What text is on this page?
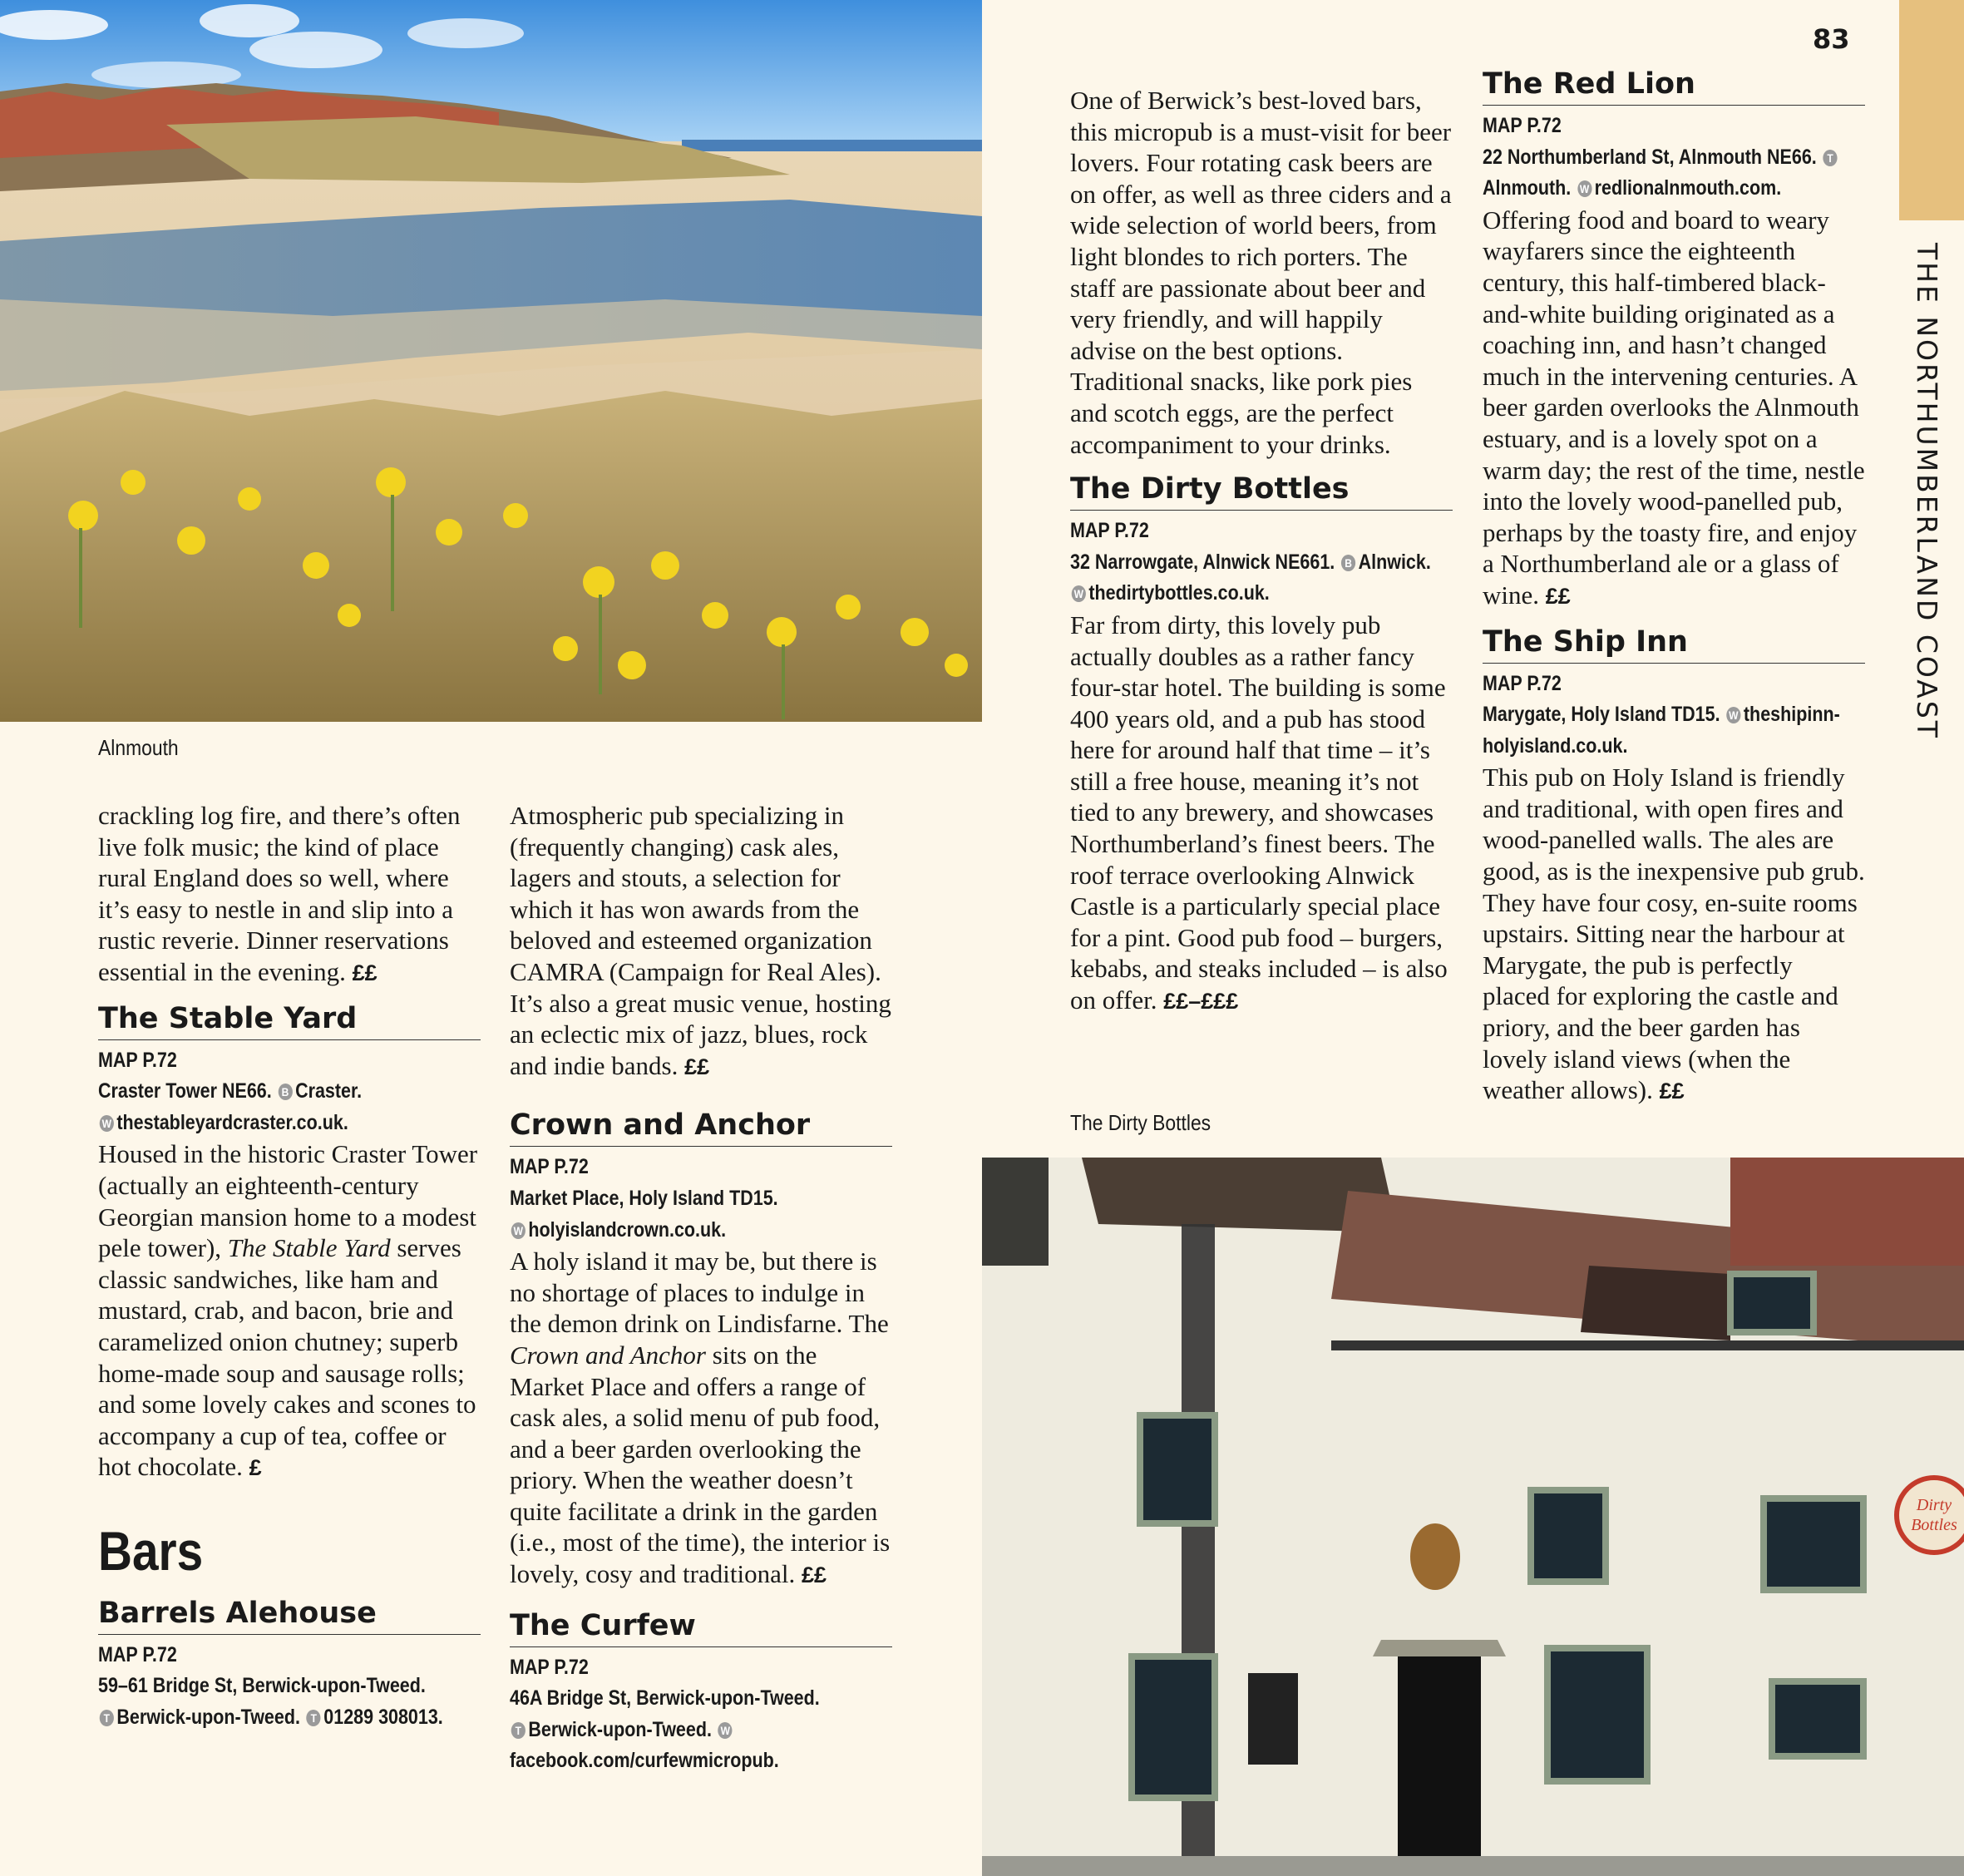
Alnmouth
The Dirty Bottles
Dirty
Bottles
83
THE NORTHUMBERLAND COAST

crackling log fire, and there’s often live folk music; the kind of place rural England does so well, where it’s easy to nestle in and slip into a rustic reverie. Dinner reservations essential in the evening. ££

The Stable Yard
MAP P.72
Craster Tower NE66. B Craster.
W thestableyardcraster.co.uk.

Housed in the historic Craster Tower (actually an eighteenth-century Georgian mansion home to a modest pele tower), The Stable Yard serves classic sandwiches, like ham and mustard, crab, and bacon, brie and caramelized onion chutney; superb home-made soup and sausage rolls; and some lovely cakes and scones to accompany a cup of tea, coffee or hot chocolate. £

Bars
Barrels Alehouse
MAP P.72
59–61 Bridge St, Berwick-upon-Tweed.
T Berwick-upon-Tweed. T 01289 308013.

Atmospheric pub specializing in (frequently changing) cask ales, lagers and stouts, a selection for which it has won awards from the beloved and esteemed organization CAMRA (Campaign for Real Ales). It’s also a great music venue, hosting an eclectic mix of jazz, blues, rock and indie bands. ££

Crown and Anchor
MAP P.72
Market Place, Holy Island TD15.
W holyislandcrown.co.uk.

A holy island it may be, but there is no shortage of places to indulge in the demon drink on Lindisfarne. The Crown and Anchor sits on the Market Place and offers a range of cask ales, a solid menu of pub food, and a beer garden overlooking the priory. When the weather doesn’t quite facilitate a drink in the garden (i.e., most of the time), the interior is lovely, cosy and traditional. ££

The Curfew
MAP P.72
46A Bridge St, Berwick-upon-Tweed.
T Berwick-upon-Tweed. Wfacebook.com/curfewmicropub.

One of Berwick’s best-loved bars, this micropub is a must-visit for beer lovers. Four rotating cask beers are on offer, as well as three ciders and a wide selection of world beers, from light blondes to rich porters. The staff are passionate about beer and very friendly, and will happily advise on the best options. Traditional snacks, like pork pies and scotch eggs, are the perfect accompaniment to your drinks.

The Dirty Bottles
MAP P.72
32 Narrowgate, Alnwick NE661. B Alnwick.
W thedirtybottles.co.uk.

Far from dirty, this lovely pub actually doubles as a rather fancy four-star hotel. The building is some 400 years old, and a pub has stood here for around half that time – it’s still a free house, meaning it’s not tied to any brewery, and showcases Northumberland’s finest beers. The roof terrace overlooking Alnwick Castle is a particularly special place for a pint. Good pub food – burgers, kebabs, and steaks included – is also on offer. ££–£££

The Red Lion
MAP P.72
22 Northumberland St, Alnmouth NE66. T
Alnmouth. W redlionalnmouth.com.

Offering food and board to weary wayfarers since the eighteenth century, this half-timbered black-and-white building originated as a coaching inn, and hasn’t changed much in the intervening centuries. A beer garden overlooks the Alnmouth estuary, and is a lovely spot on a warm day; the rest of the time, nestle into the lovely wood-panelled pub, perhaps by the toasty fire, and enjoy a Northumberland ale or a glass of wine. ££

The Ship Inn
MAP P.72
Marygate, Holy Island TD15. W theshipinn-holyisland.co.uk.

This pub on Holy Island is friendly and traditional, with open fires and wood-panelled walls. The ales are good, as is the inexpensive pub grub. They have four cosy, en-suite rooms upstairs. Sitting near the harbour at Marygate, the pub is perfectly placed for exploring the castle and priory, and the beer garden has lovely island views (when the weather allows). ££
